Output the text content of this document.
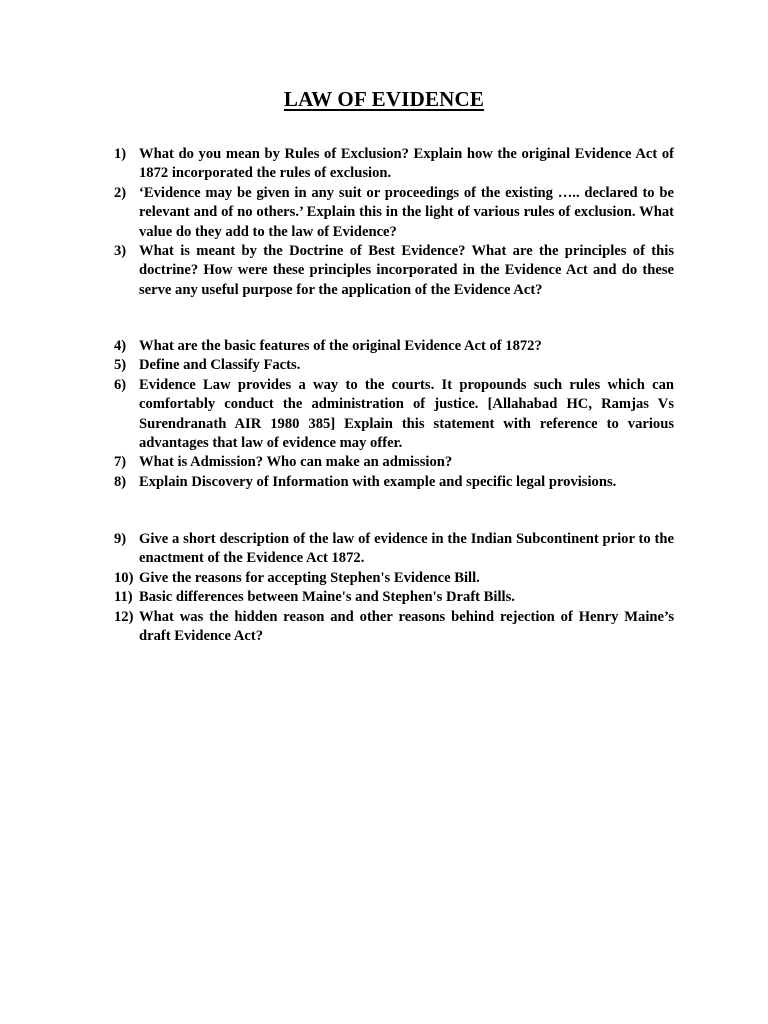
LAW OF EVIDENCE
1) What do you mean by Rules of Exclusion? Explain how the original Evidence Act of 1872 incorporated the rules of exclusion.
2) ‘Evidence may be given in any suit or proceedings of the existing ….. declared to be relevant and of no others.’ Explain this in the light of various rules of exclusion. What value do they add to the law of Evidence?
3) What is meant by the Doctrine of Best Evidence? What are the principles of this doctrine? How were these principles incorporated in the Evidence Act and do these serve any useful purpose for the application of the Evidence Act?
4) What are the basic features of the original Evidence Act of 1872?
5) Define and Classify Facts.
6) Evidence Law provides a way to the courts. It propounds such rules which can comfortably conduct the administration of justice. [Allahabad HC, Ramjas Vs Surendranath AIR 1980 385] Explain this statement with reference to various advantages that law of evidence may offer.
7) What is Admission? Who can make an admission?
8) Explain Discovery of Information with example and specific legal provisions.
9) Give a short description of the law of evidence in the Indian Subcontinent prior to the enactment of the Evidence Act 1872.
10) Give the reasons for accepting Stephen's Evidence Bill.
11) Basic differences between Maine's and Stephen's Draft Bills.
12) What was the hidden reason and other reasons behind rejection of Henry Maine’s draft Evidence Act?
